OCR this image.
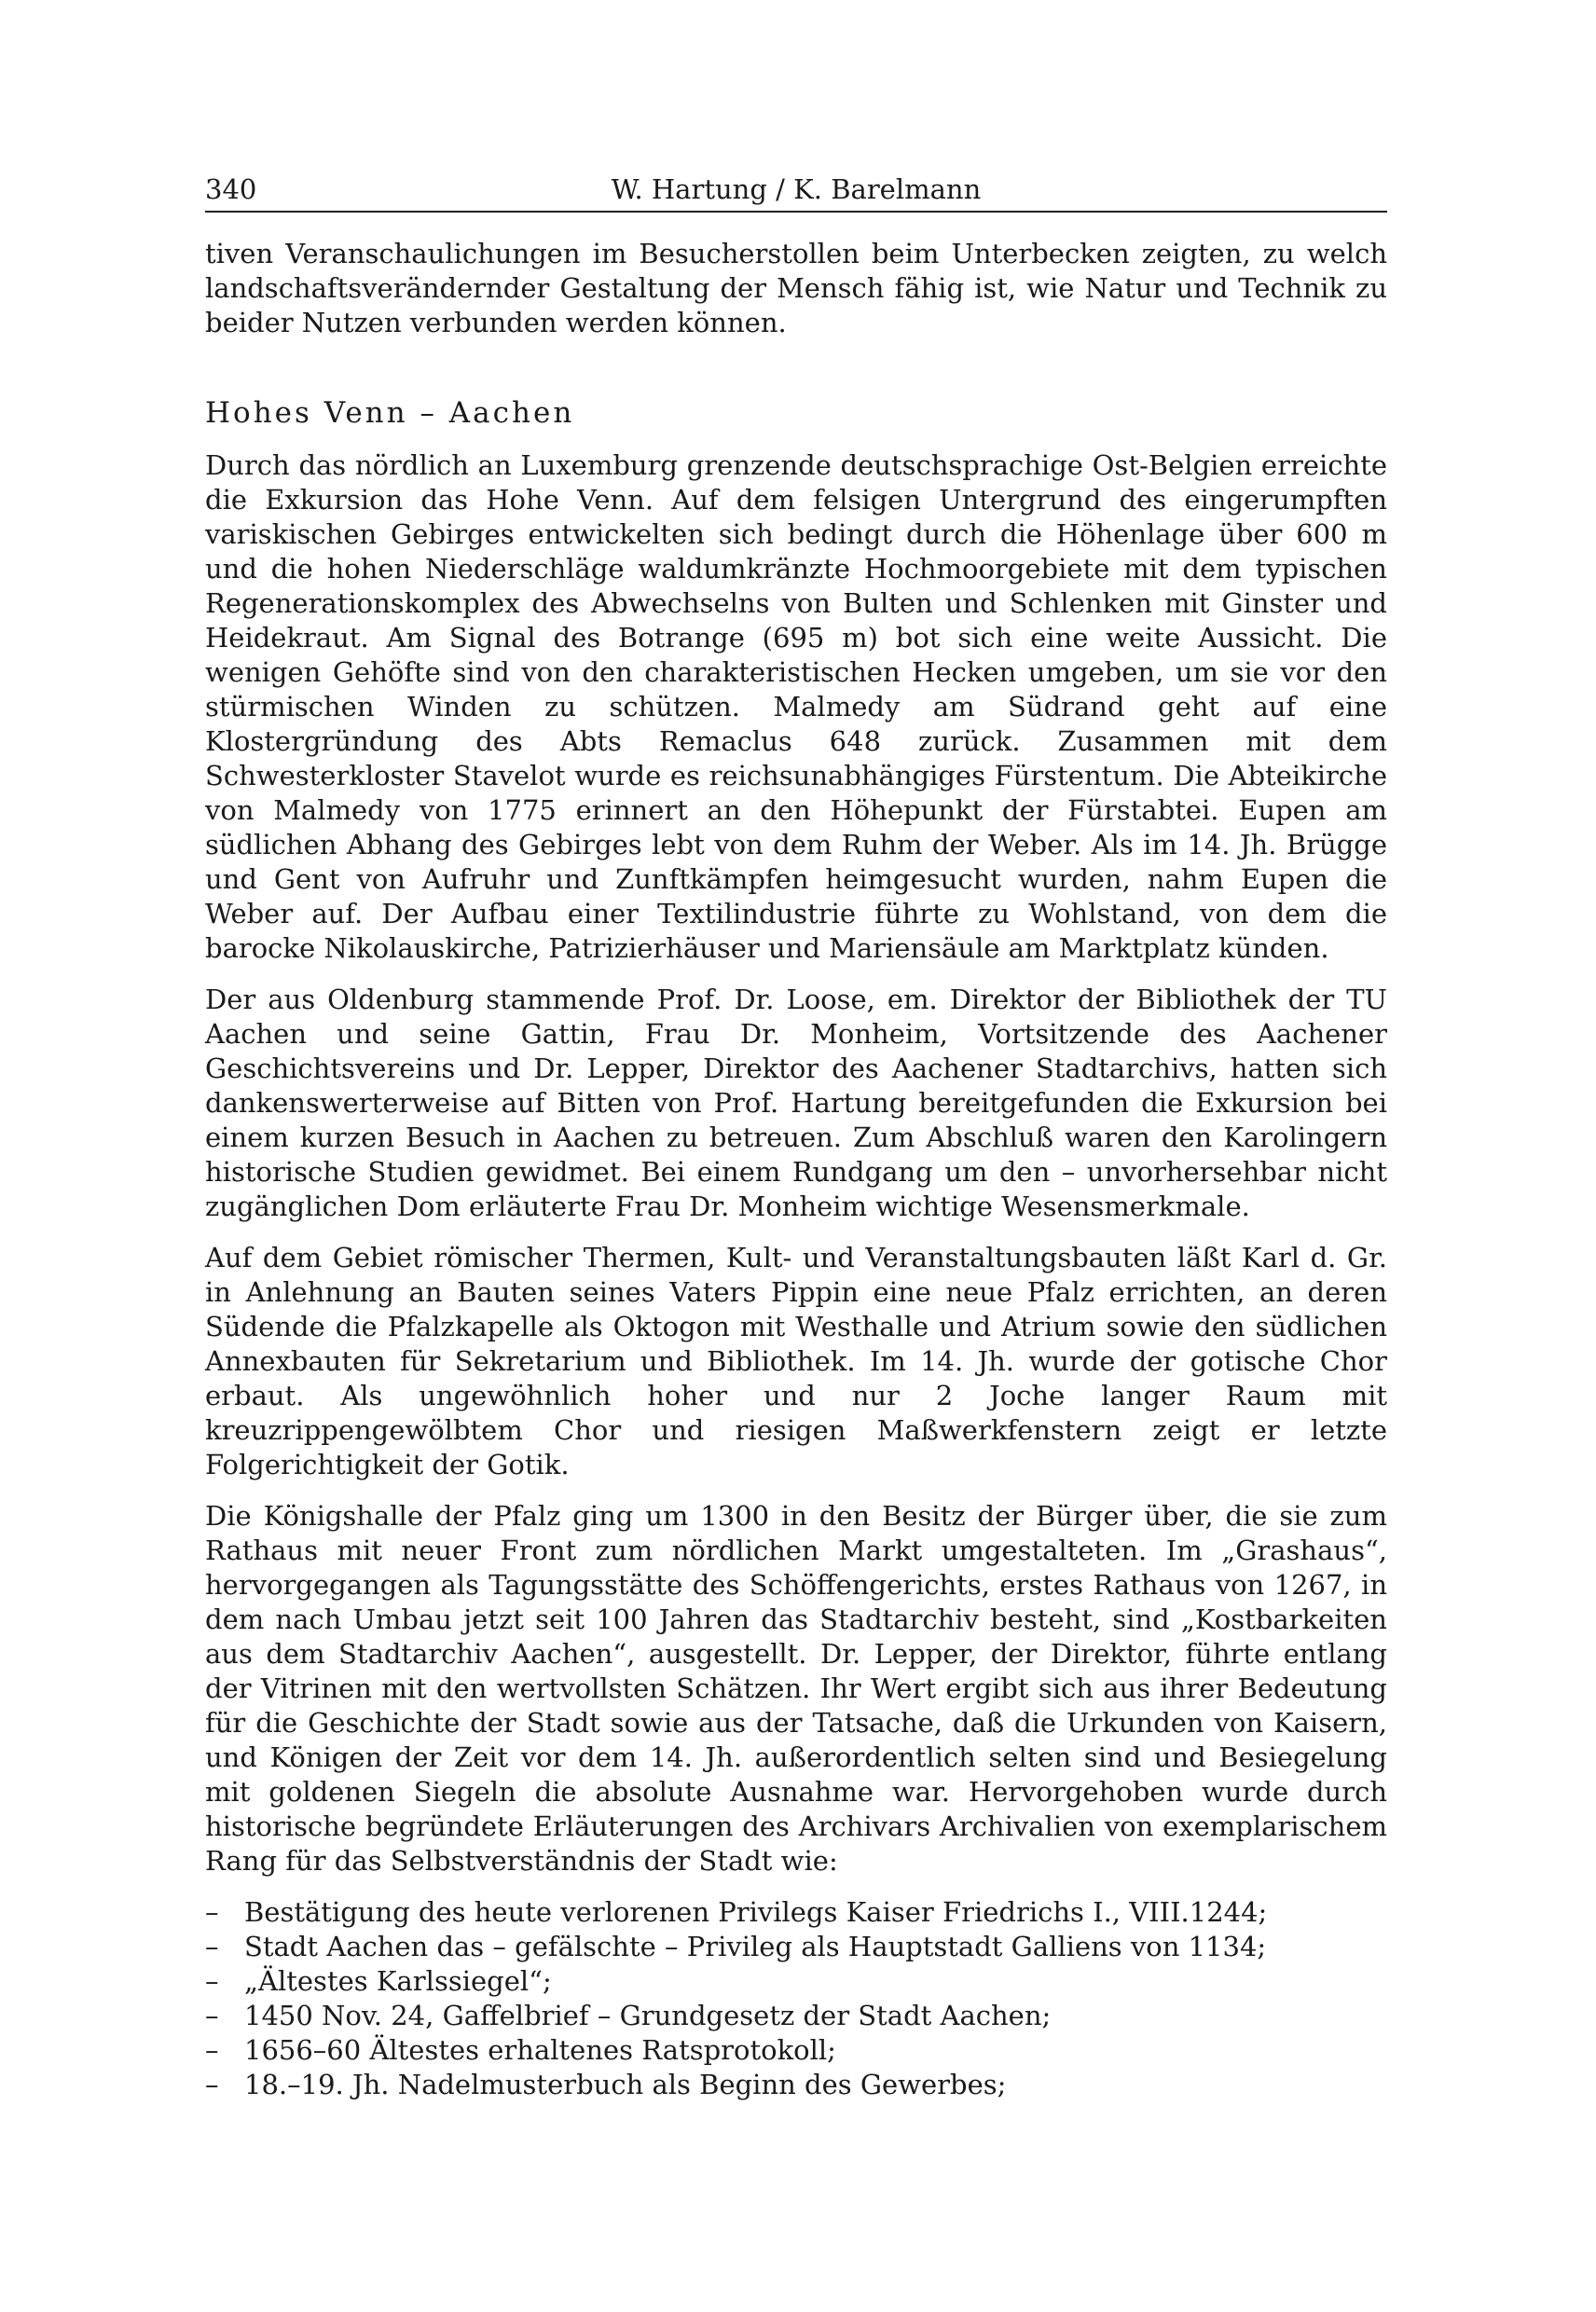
340	W. Hartung / K. Barelmann

tiven Veranschaulichungen im Besucherstollen beim Unterbecken zeigten, zu welch landschaftsverändernder Gestaltung der Mensch fähig ist, wie Natur und Technik zu beider Nutzen verbunden werden können.

Hohes Venn – Aachen

Durch das nördlich an Luxemburg grenzende deutschsprachige Ost-Belgien erreichte die Exkursion das Hohe Venn. Auf dem felsigen Untergrund des eingerumpften variskischen Gebirges entwickelten sich bedingt durch die Höhenlage über 600 m und die hohen Niederschläge waldumkränzte Hochmoorgebiete mit dem typischen Regenerationskomplex des Abwechselns von Bulten und Schlenken mit Ginster und Heidekraut. Am Signal des Botrange (695 m) bot sich eine weite Aussicht. Die wenigen Gehöfte sind von den charakteristischen Hecken umgeben, um sie vor den stürmischen Winden zu schützen. Malmedy am Südrand geht auf eine Klostergründung des Abts Remaclus 648 zurück. Zusammen mit dem Schwesterkloster Stavelot wurde es reichsunabhängiges Fürstentum. Die Abteikirche von Malmedy von 1775 erinnert an den Höhepunkt der Fürstabtei. Eupen am südlichen Abhang des Gebirges lebt von dem Ruhm der Weber. Als im 14. Jh. Brügge und Gent von Aufruhr und Zunftkämpfen heimgesucht wurden, nahm Eupen die Weber auf. Der Aufbau einer Textilindustrie führte zu Wohlstand, von dem die barocke Nikolauskirche, Patrizierhäuser und Mariensäule am Marktplatz künden.

Der aus Oldenburg stammende Prof. Dr. Loose, em. Direktor der Bibliothek der TU Aachen und seine Gattin, Frau Dr. Monheim, Vortsitzende des Aachener Geschichtsvereins und Dr. Lepper, Direktor des Aachener Stadtarchivs, hatten sich dankenswerterweise auf Bitten von Prof. Hartung bereitgefunden die Exkursion bei einem kurzen Besuch in Aachen zu betreuen. Zum Abschluß waren den Karolingern historische Studien gewidmet. Bei einem Rundgang um den – unvorhersehbar nicht zugänglichen Dom erläuterte Frau Dr. Monheim wichtige Wesensmerkmale.

Auf dem Gebiet römischer Thermen, Kult- und Veranstaltungsbauten läßt Karl d. Gr. in Anlehnung an Bauten seines Vaters Pippin eine neue Pfalz errichten, an deren Südende die Pfalzkapelle als Oktogon mit Westhalle und Atrium sowie den südlichen Annexbauten für Sekretarium und Bibliothek. Im 14. Jh. wurde der gotische Chor erbaut. Als ungewöhnlich hoher und nur 2 Joche langer Raum mit kreuzrippengewölbtem Chor und riesigen Maßwerkfenstern zeigt er letzte Folgerichtigkeit der Gotik.

Die Königshalle der Pfalz ging um 1300 in den Besitz der Bürger über, die sie zum Rathaus mit neuer Front zum nördlichen Markt umgestalteten. Im „Grashaus“, hervorgegangen als Tagungsstätte des Schöffengerichts, erstes Rathaus von 1267, in dem nach Umbau jetzt seit 100 Jahren das Stadtarchiv besteht, sind „Kostbarkeiten aus dem Stadtarchiv Aachen“, ausgestellt. Dr. Lepper, der Direktor, führte entlang der Vitrinen mit den wertvollsten Schätzen. Ihr Wert ergibt sich aus ihrer Bedeutung für die Geschichte der Stadt sowie aus der Tatsache, daß die Urkunden von Kaisern, und Königen der Zeit vor dem 14. Jh. außerordentlich selten sind und Besiegelung mit goldenen Siegeln die absolute Ausnahme war. Hervorgehoben wurde durch historische begründete Erläuterungen des Archivars Archivalien von exemplarischem Rang für das Selbstverständnis der Stadt wie:

– Bestätigung des heute verlorenen Privilegs Kaiser Friedrichs I., VIII.1244;
– Stadt Aachen das – gefälschte – Privileg als Hauptstadt Galliens von 1134;
– „Ältestes Karlssiegel“;
– 1450 Nov. 24, Gaffelbrief – Grundgesetz der Stadt Aachen;
– 1656–60 Ältestes erhaltenes Ratsprotokoll;
– 18.–19. Jh. Nadelmusterbuch als Beginn des Gewerbes;
